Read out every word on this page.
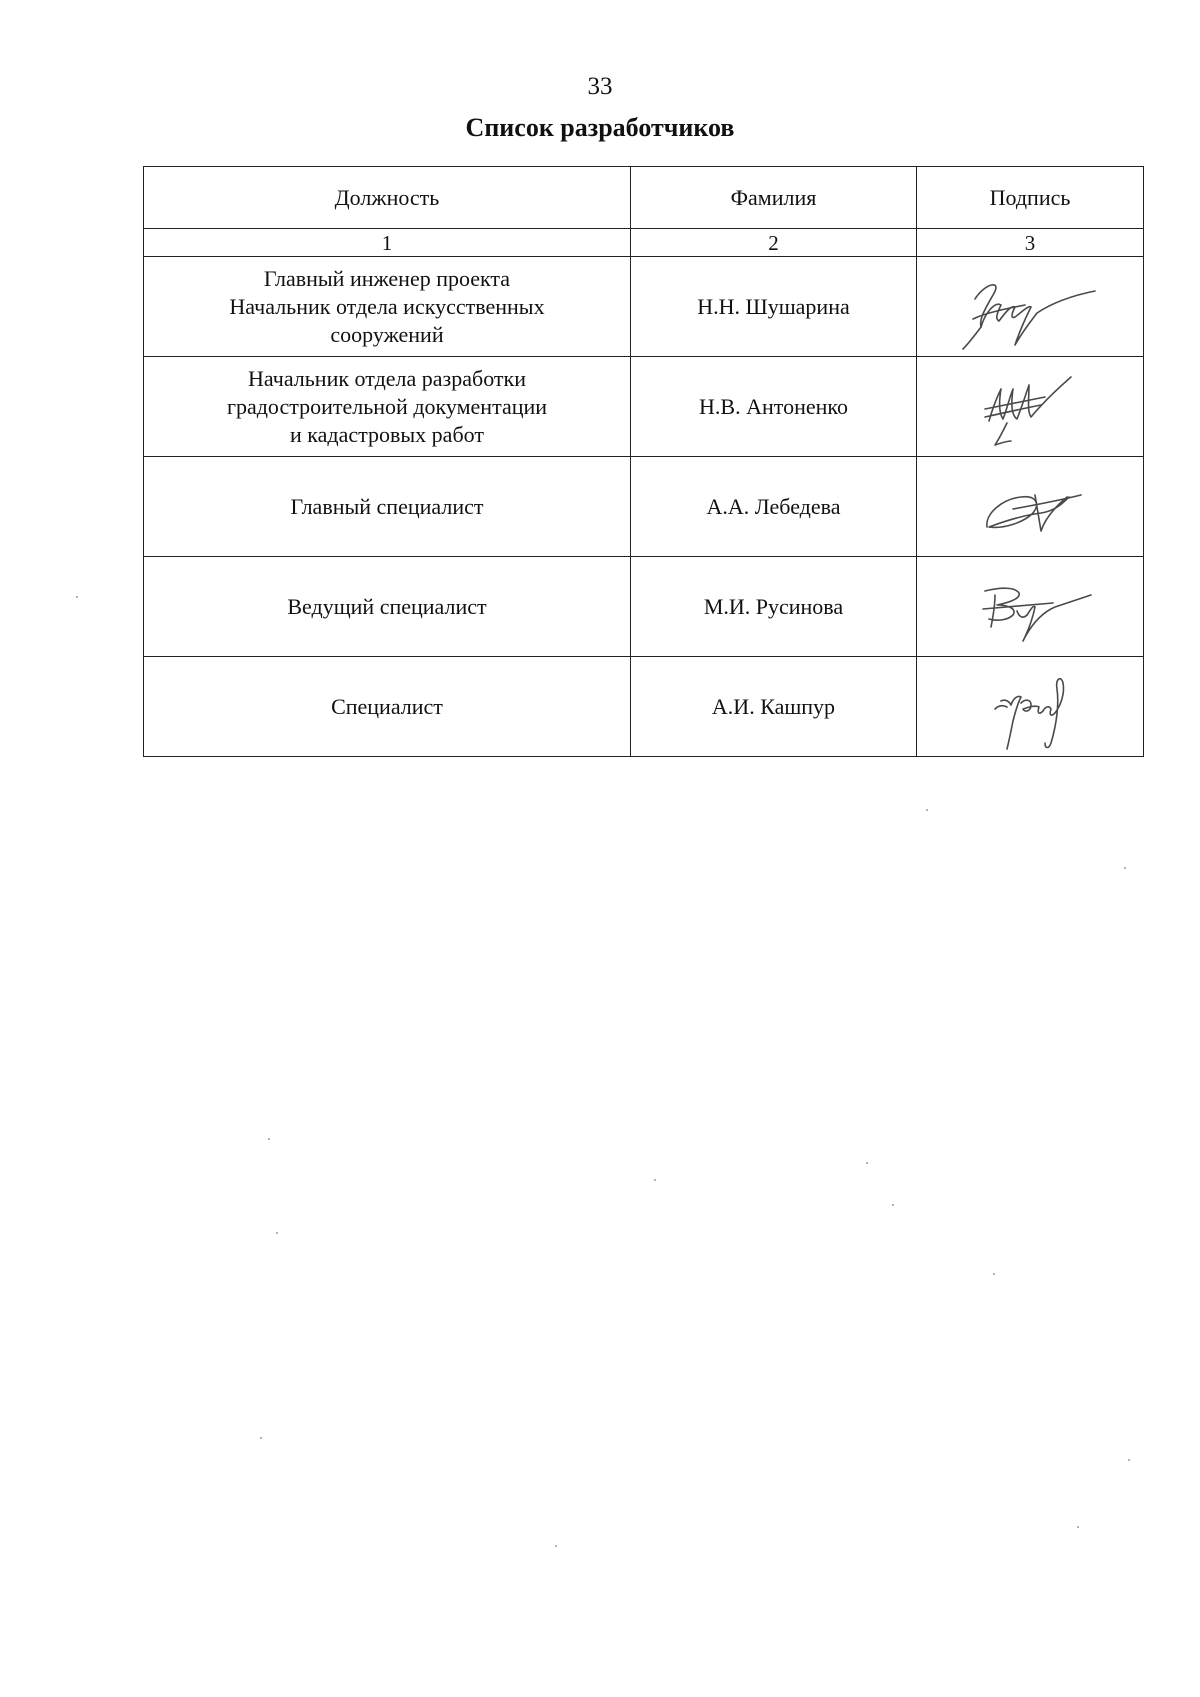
33
Список разработчиков
Должность	Фамилия	Подпись
1	2	3

Главный инженер проекта
Начальник отдела искусственных
сооружений	Н.Н. Шушарина	

Начальник отдела разработки
градостроительной документации
и кадастровых работ	Н.В. Антоненко	

Главный специалист	А.А. Лебедева	

Ведущий специалист	М.И. Русинова	

Специалист	А.И. Кашпур	
